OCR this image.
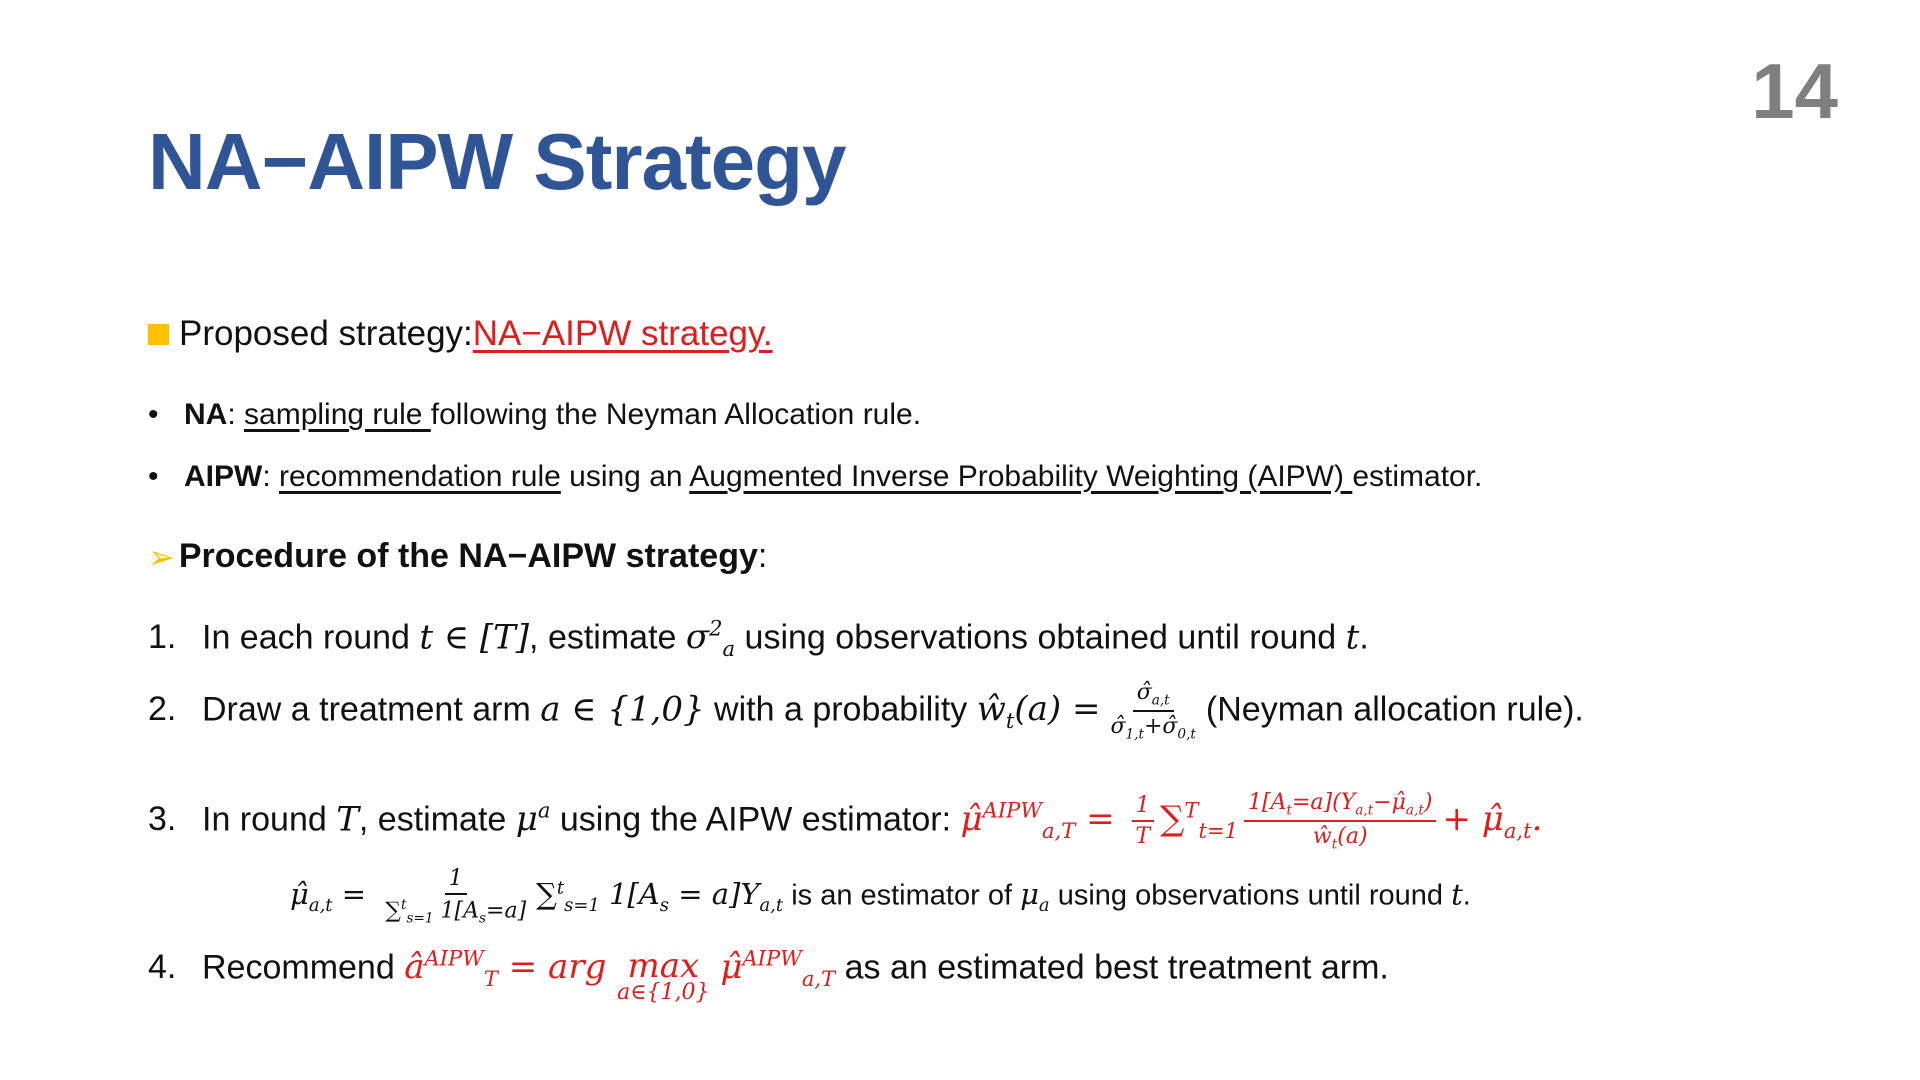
14
NA−AIPW Strategy
Proposed strategy: NA−AIPW strategy.
• NA: sampling rule following the Neyman Allocation rule.
• AIPW: recommendation rule using an Augmented Inverse Probability Weighting (AIPW) estimator.
➢ Procedure of the NA−AIPW strategy :
1. In each round t ∈ [T], estimate $\sigma^2_a$ using observations obtained until round t.
2. Draw a treatment arm a ∈ {1,0} with a probability $ŵ_t(a) = \frac{\sigmâ_{a,t}}{\sigmâ_{1,t}+\sigmâ_{0,t}}$ (Neyman allocation rule).
3. In round T, estimate $\mu^a$ using the AIPW estimator: μ̂$^{AIPW}_{a,T}$ = $\frac{1}{T} \sum^T_{t=1} \frac{1[A_t=a](Y_{a,t}-\mû_{a,t})}{ŵ_t(a)}$ + $\mû_{a,t}$.
$\mû_{a,t} = \frac{1}{\sum^t_{s=1} 1[A_s=a]} \sum^t_{s=1}$ $1[A_s = a]Y_{a,t}$ is an estimator of $\mu_a$ using observations until round t.
4. Recommend $â^{AIPW}_T$ = arg max
a∈{1,0}
μ̂$^{AIPW}_{a,T}$ as an estimated best treatment arm.
